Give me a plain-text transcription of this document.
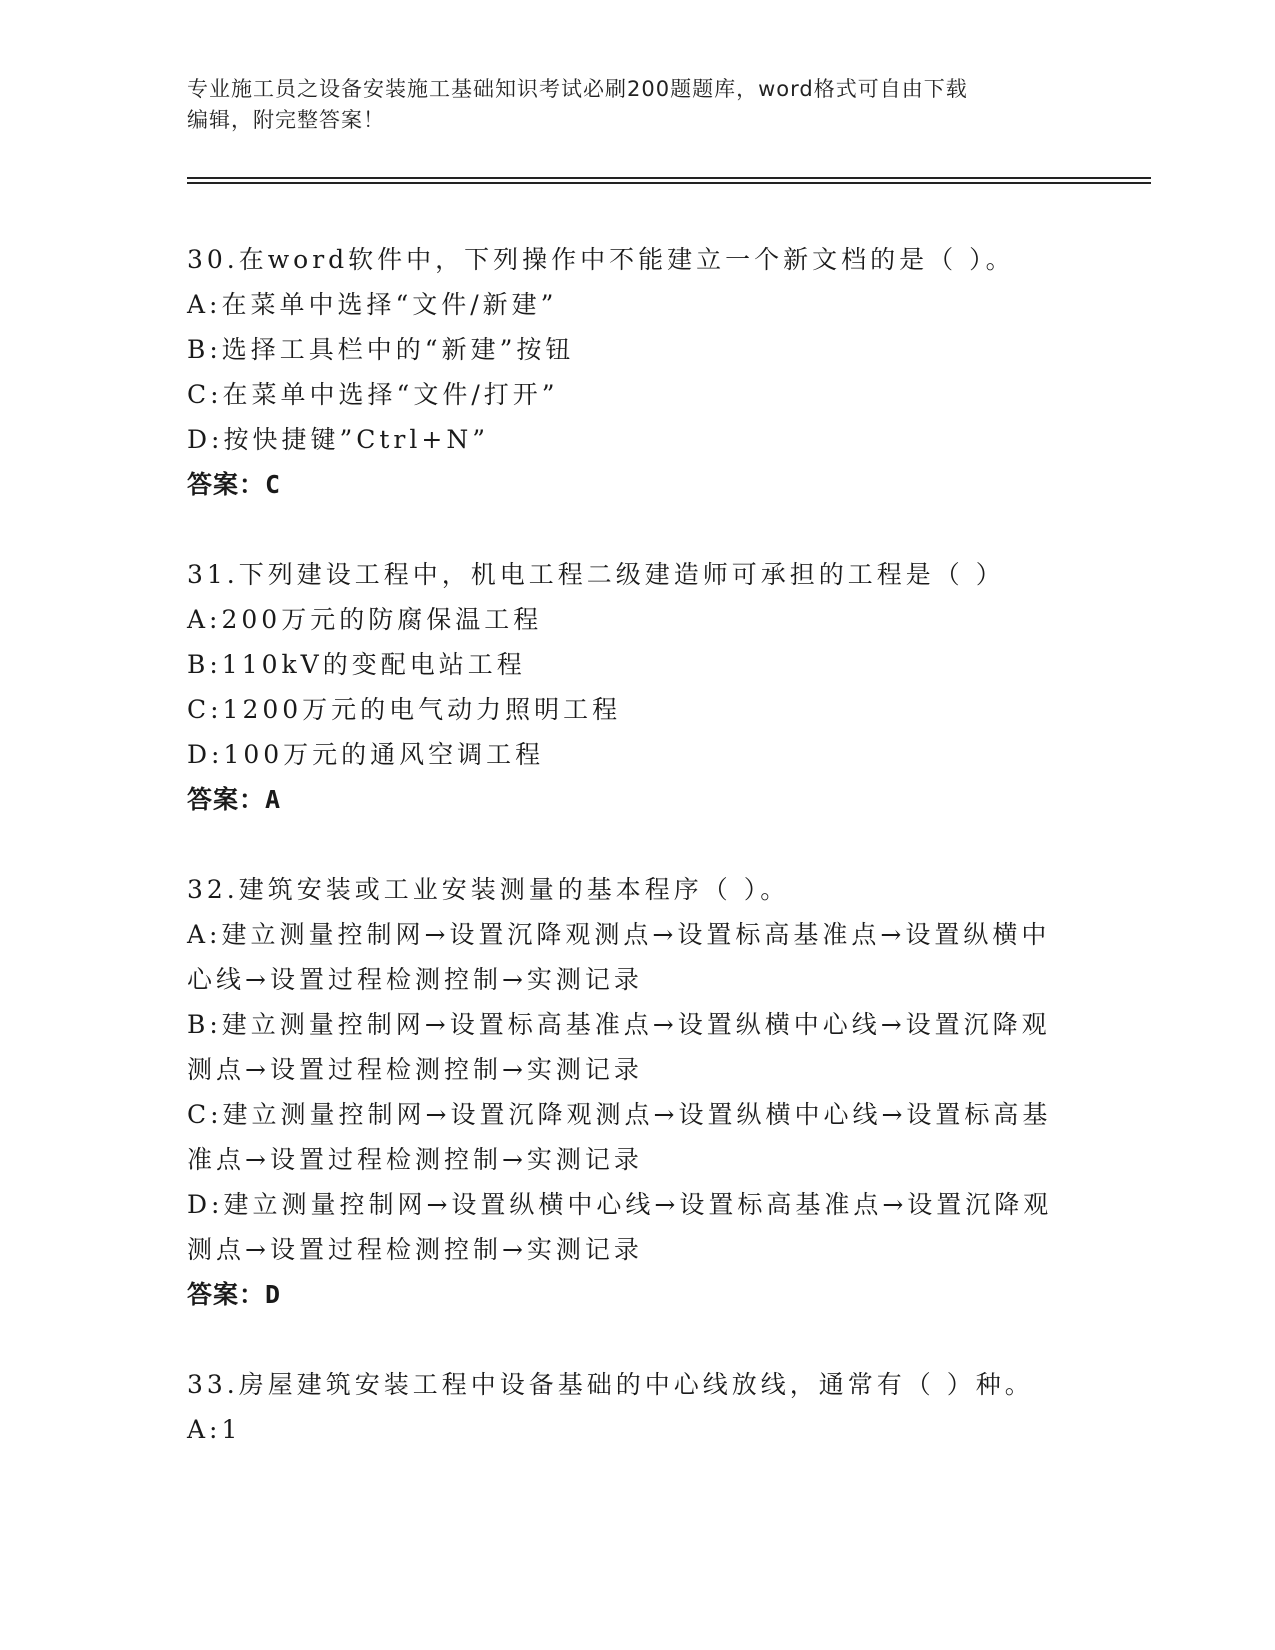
专业施工员之设备安装施工基础知识考试必刷200题题库，word格式可自由下载
编辑，附完整答案！
30.在word软件中，下列操作中不能建立一个新文档的是（ ）。
A:在菜单中选择“文件/新建”
B:选择工具栏中的“新建”按钮
C:在菜单中选择“文件/打开”
D:按快捷键”Ctrl+N”
答案：C
31.下列建设工程中，机电工程二级建造师可承担的工程是（ ）
A:200万元的防腐保温工程
B:110kV的变配电站工程
C:1200万元的电气动力照明工程
D:100万元的通风空调工程
答案：A
32.建筑安装或工业安装测量的基本程序（ ）。
A:建立测量控制网→设置沉降观测点→设置标高基准点→设置纵横中
心线→设置过程检测控制→实测记录
B:建立测量控制网→设置标高基准点→设置纵横中心线→设置沉降观
测点→设置过程检测控制→实测记录
C:建立测量控制网→设置沉降观测点→设置纵横中心线→设置标高基
准点→设置过程检测控制→实测记录
D:建立测量控制网→设置纵横中心线→设置标高基准点→设置沉降观
测点→设置过程检测控制→实测记录
答案：D
33.房屋建筑安装工程中设备基础的中心线放线，通常有（ ）种。
A:1
